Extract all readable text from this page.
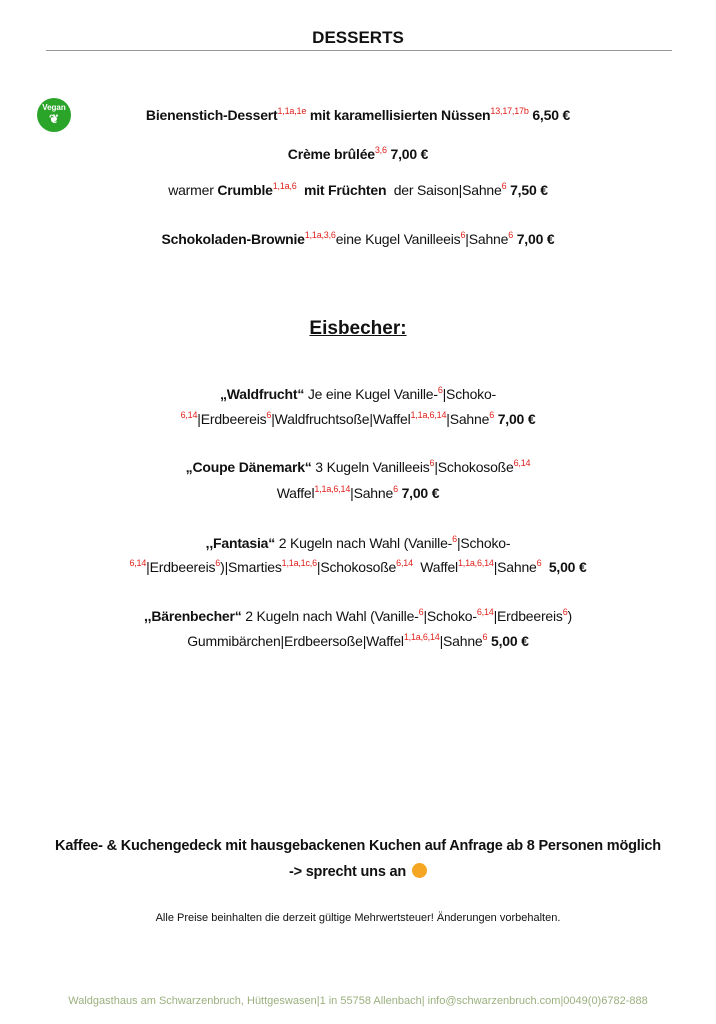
DESSERTS
Vegan
❦
Eisbecher:
Bienenstich-Dessert$^{1,1a,1e}$ mit karamellisierten Nüssen$^{13,17,17b}$ 6,50 €
Crème brûlée$^{3,6}$ 7,00 €
warmer Crumble$^{1,1a,6}$  mit Früchten  der Saison|Sahne$^6$ 7,50 €
Schokoladen-Brownie$^{1,1a,3,6}$eine Kugel Vanilleeis$^6$|Sahne$^6$ 7,00 €
„Waldfrucht“ Je eine Kugel Vanille-$^6$|Schoko-
$^{6,14}$|Erdbeereis$^6$|Waldfruchtsoße|Waffel$^{1,1a,6,14}$|Sahne$^6$ 7,00 €
„Coupe Dänemark“ 3 Kugeln Vanilleeis$^6$|Schokosoße$^{6,14}$
Waffel$^{1,1a,6,14}$|Sahne$^6$ 7,00 €
,,Fantasia“ 2 Kugeln nach Wahl (Vanille-$^6$|Schoko-
$^{6,14}$|Erdbeereis$^6$)|Smarties$^{1,1a,1c,6}$|Schokosoße$^{6,14}$  Waffel$^{1,1a,6,14}$|Sahne$^6$  5,00 €
,,Bärenbecher“ 2 Kugeln nach Wahl (Vanille-$^6$|Schoko-$^{6,14}$|Erdbeereis$^6$)
Gummibärchen|Erdbeersoße|Waffel$^{1,1a,6,14}$|Sahne$^6$ 5,00 €
Kaffee- & Kuchengedeck mit hausgebackenen Kuchen auf Anfrage ab 8 Personen möglich
-> sprecht uns an
Alle Preise beinhalten die derzeit gültige Mehrwertsteuer! Änderungen vorbehalten.
Waldgasthaus am Schwarzenbruch, Hüttgeswasen|1 in 55758 Allenbach| info@schwarzenbruch.com|0049(0)6782-888
